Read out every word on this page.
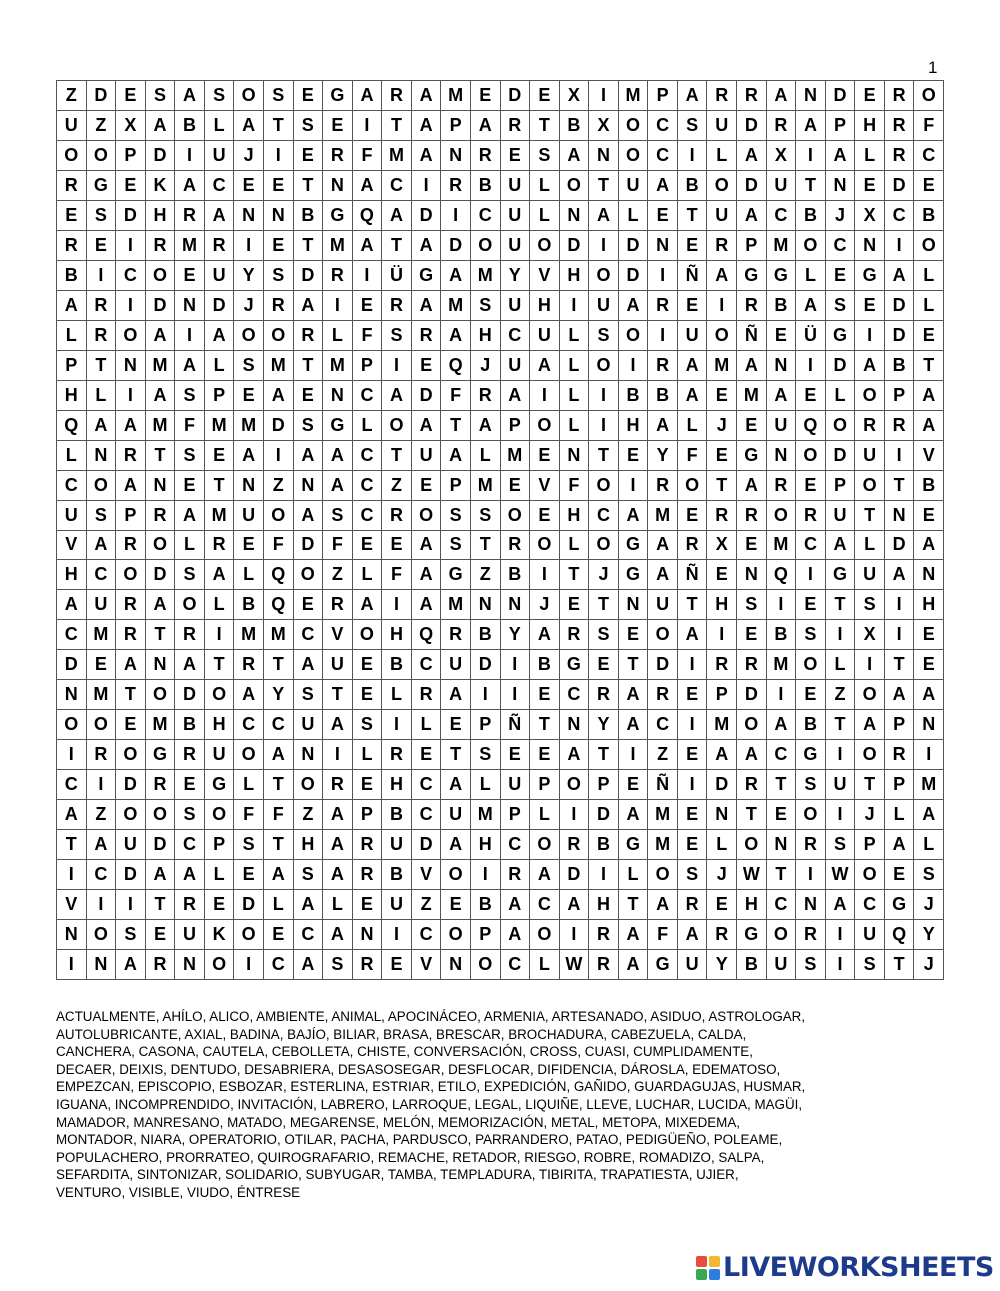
1
Z D E S A S O S E G A R A M E D E X	I	M P A R R A N D E R O
U Z	X A B L A T	S E	I	T A P A R T B X O C S U D R A P H R F
O O P D	I	U	J	I	E R F M A N R E S A N O C	I	L A X	I	A L R C
R G E K A C E E	T N A C	I	R B U L O T U A B O D U T N E D E
E S D H R A N N B G Q A D	I	C U L N A L	E	T U A C B	J	X C B
R E	I	R M R	I	E	T M A T A D O U O D	I	D N E R P M O C N	I	O
B	I	C O E U Y S D R	I	Ü G A M Y V H O D	I	Ñ A G G L	E G A L
A R	I	D N D	J	R A	I	E R A M S U H	I	U A R E	I	R B A S E D L
L R O A	I	A O O R L	F	S R A H C U L	S O	I	U O Ñ E Ü G	I	D E
P	T N M A L	S M T M P	I	E Q J	U A L O	I	R A M A N	I	D A B T
H L	I	A S P E A E N C A D F R A	I	L	I	B B A E M A E	L O P A
Q A A M F M M D S G L O A T A P O L	I	H A L	J	E U Q O R R A
L N R T	S E A	I	A A C T U A L M E N T	E Y	F	E G N O D U	I	V
C O A N E	T N Z N A C Z	E P M E V	F O	I	R O T A R E P O T B
U S P R A M U O A S C R O S S O E H C A M E R R O R U T N E
V A R O L R E	F D F	E E A S	T R O L O G A R X E M C A L D A
H C O D S A L Q O Z	L	F A G Z B	I	T	J G A Ñ E N Q	I	G U A N
A U R A O L B Q E R A	I	A M N N	J	E	T N U T H S	I	E	T	S	I	H
C M R T R	I	M M C V O H Q R B Y A R S E O A	I	E B S	I	X	I	E
D E A N A T R T A U E B C U D	I	B G E	T D	I	R R M O L	I	T	E
N M T O D O A Y S	T	E	L R A	I	I	E C R A R E P D	I	E	Z O A A
O O E M B H C C U A S	I	L	E P Ñ T N Y A C	I	M O A B T A P N
I	R O G R U O A N	I	L R E	T	S E E A T	I	Z	E A A C G	I	O R	I
C	I	D R E G L	T O R E H C A L U P O P E Ñ	I	D R T	S U T	P M
A Z O O S O F	F	Z A P B C U M P	L	I	D A M E N T	E O	I	J	L A
T A U D C P S	T H A R U D A H C O R B G M E	L O N R S P A L
I	C D A A L	E A S A R B V O	I	R A D	I	L O S	J W T	I	W O E S
V	I	I	T R E D L A L	E U Z	E B A C A H T A R E H C N A C G J
N O S E U K O E C A N	I	C O P A O	I	R A F A R G O R	I	U Q Y
I	N A R N O	I	C A S R E V N O C L W R A G U Y B U S	I	S	T	J
ACTUALMENTE, AHÍLO, ALICO, AMBIENTE, ANIMAL, APOCINÁCEO, ARMENIA, ARTESANADO, ASIDUO, ASTROLOGAR,
AUTOLUBRICANTE, AXIAL, BADINA, BAJÍO, BILIAR, BRASA, BRESCAR, BROCHADURA, CABEZUELA, CALDA,
CANCHERA, CASONA, CAUTELA, CEBOLLETA, CHISTE, CONVERSACIÓN, CROSS, CUASI, CUMPLIDAMENTE,
DECAER, DEIXIS, DENTUDO, DESABRIERA, DESASOSEGAR, DESFLOCAR, DIFIDENCIA, DÁROSLA, EDEMATOSO,
EMPEZCAN, EPISCOPIO, ESBOZAR, ESTERLINA, ESTRIAR, ETILO, EXPEDICIÓN, GAÑIDO, GUARDAGUJAS, HUSMAR,
IGUANA, INCOMPRENDIDO, INVITACIÓN, LABRERO, LARROQUE, LEGAL, LIQUIÑE, LLEVE, LUCHAR, LUCIDA, MAGÜI,
MAMADOR, MANRESANO, MATADO, MEGARENSE, MELÓN, MEMORIZACIÓN, METAL, METOPA, MIXEDEMA,
MONTADOR, NIARA, OPERATORIO, OTILAR, PACHA, PARDUSCO, PARRANDERO, PATAO, PEDIGÜEÑO, POLEAME,
POPULACHERO, PRORRATEO, QUIROGRAFARIO, REMACHE, RETADOR, RIESGO, ROBRE, ROMADIZO, SALPA,
SEFARDITA, SINTONIZAR, SOLIDARIO, SUBYUGAR, TAMBA, TEMPLADURA, TIBIRITA, TRAPATIESTA, UJIER,
VENTURO, VISIBLE, VIUDO, ÉNTRESE
LIVEWORKSHEETS
